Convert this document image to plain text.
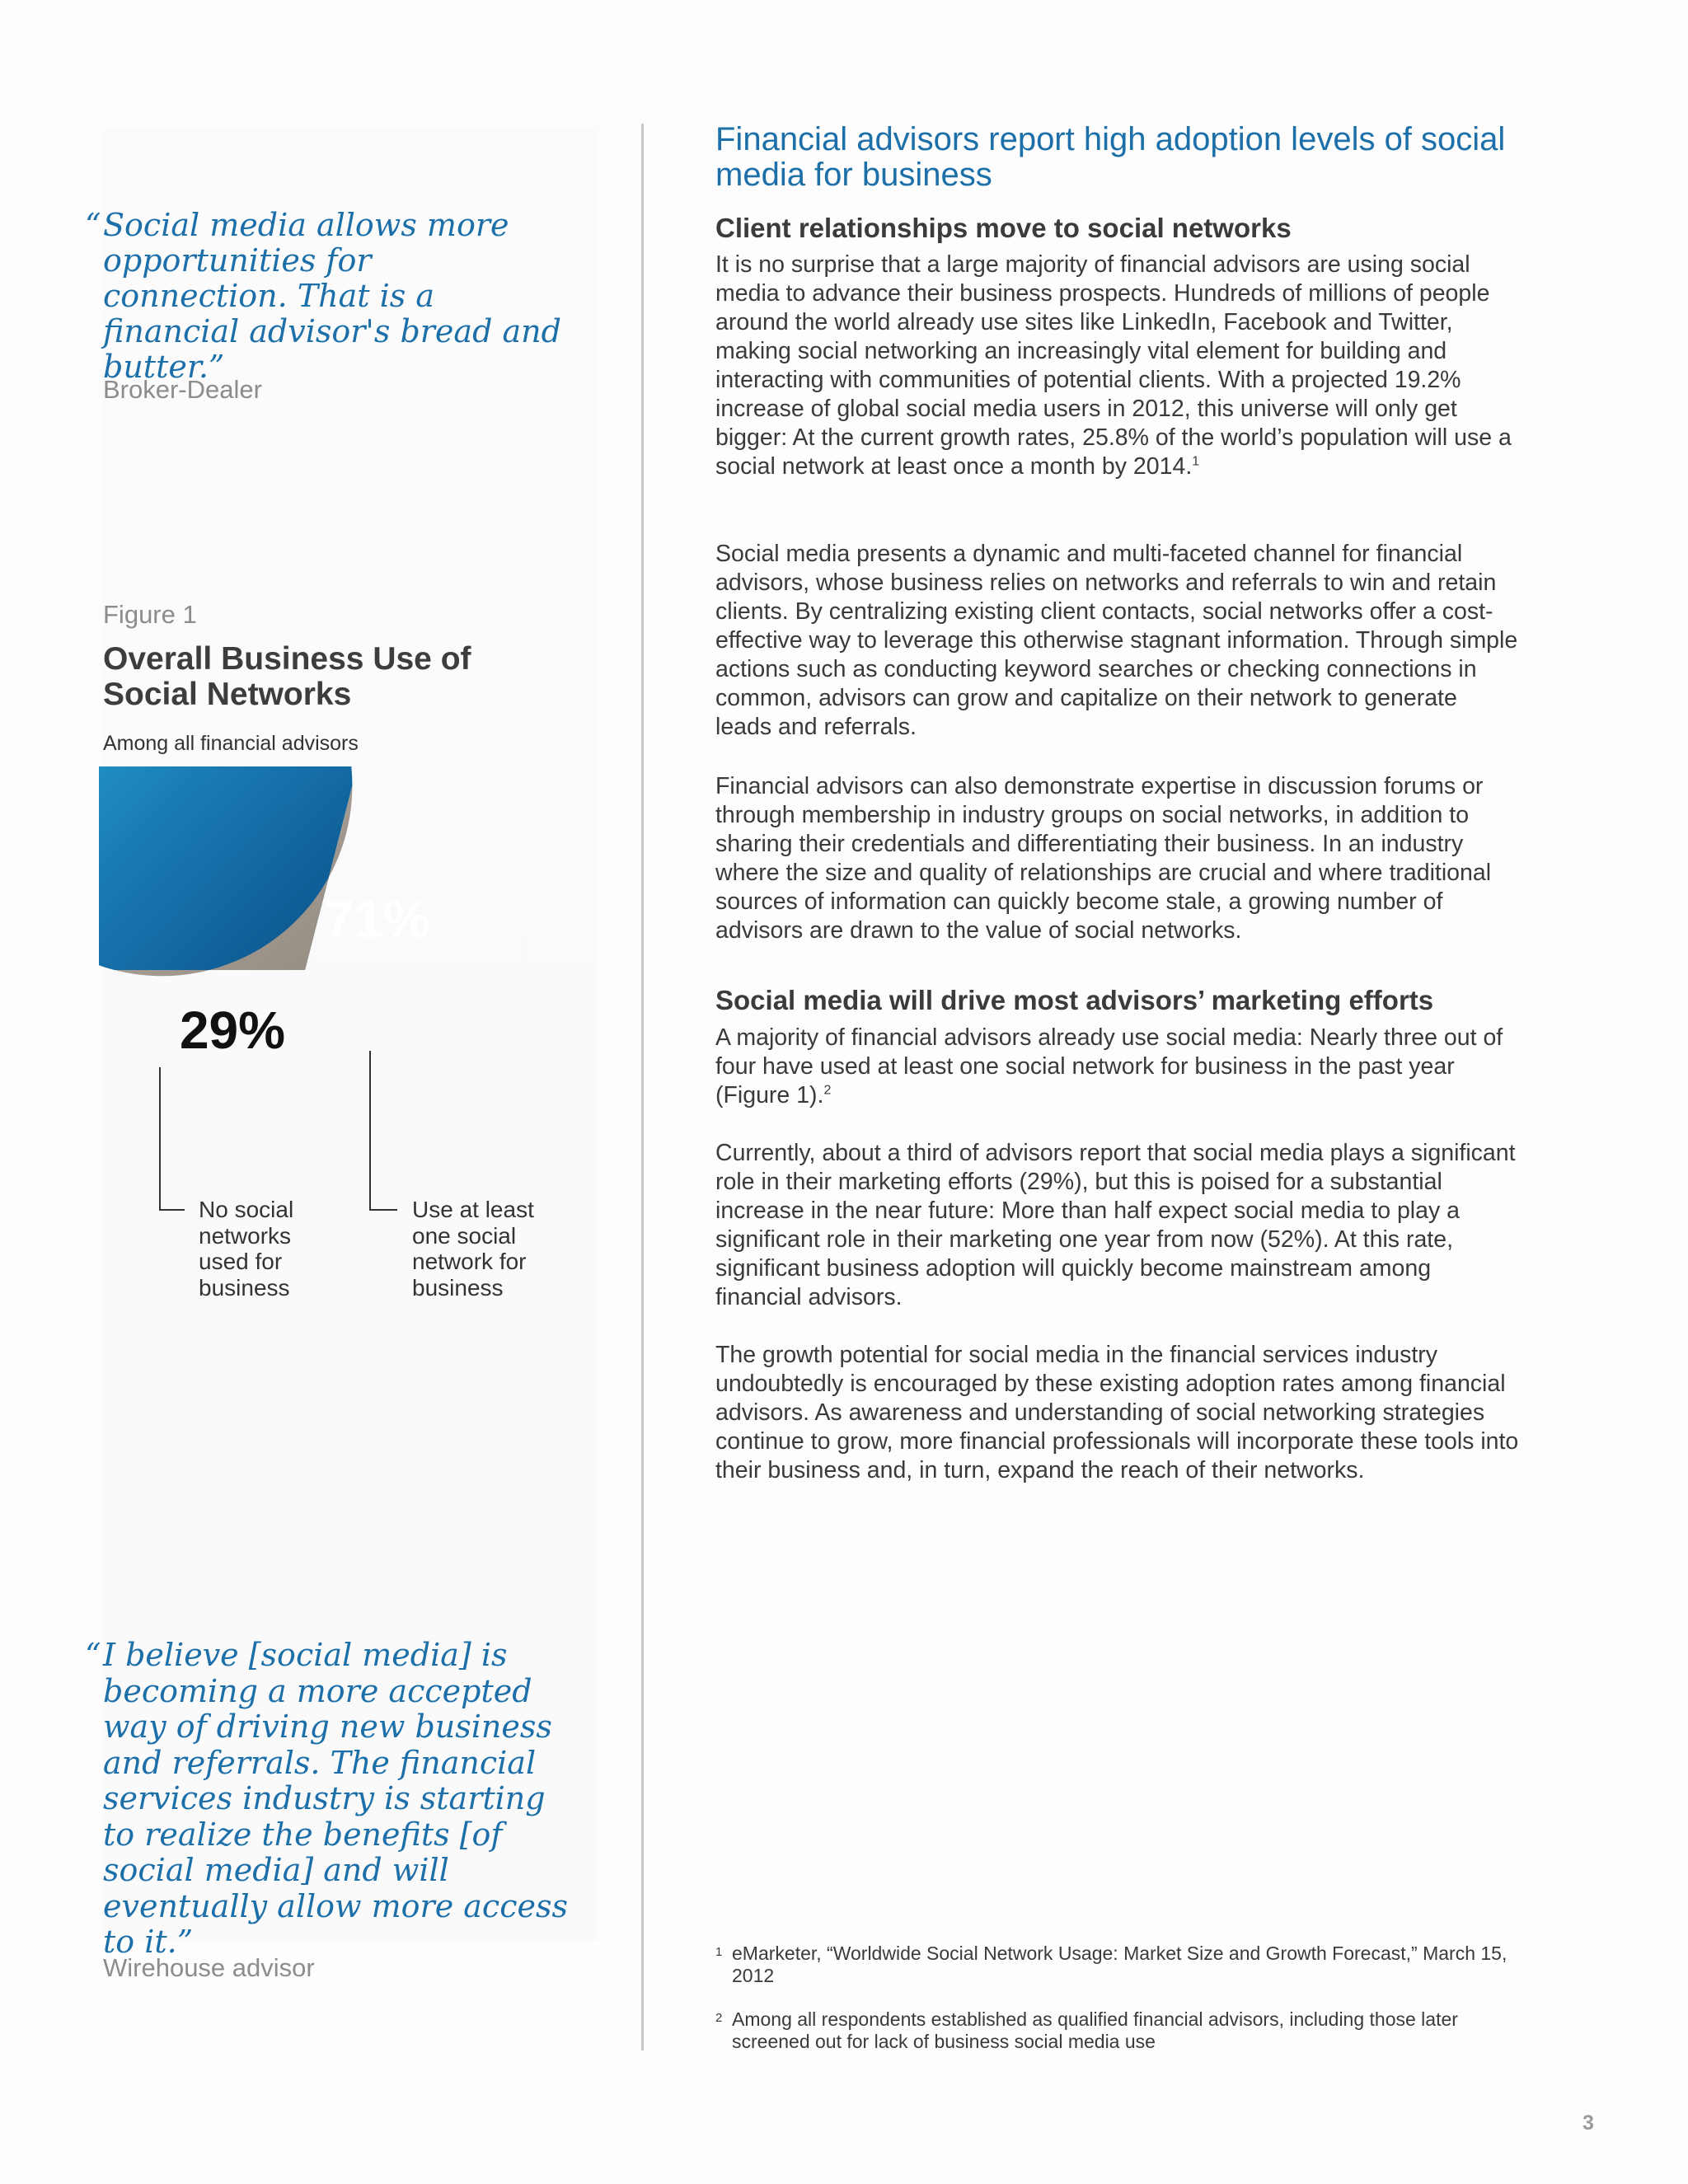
“ Social media allows more opportunities for connection. That is a financial advisor's bread and butter.”

Broker-Dealer

Figure 1
Overall Business Use of Social Networks
Among all financial advisors
71%
29%

No social networks used for business

Use at least one social network for business

“ I believe [social media] is becoming a more accepted way of driving new business and referrals. The financial services industry is starting to realize the benefits [of social media] and will eventually allow more access to it.”

Wirehouse advisor

Financial advisors report high adoption levels of social media for business
Client relationships move to social networks

It is no surprise that a large majority of financial advisors are using social media to advance their business prospects. Hundreds of millions of people around the world already use sites like LinkedIn, Facebook and Twitter, making social networking an increasingly vital element for building and interacting with communities of potential clients. With a projected 19.2% increase of global social media users in 2012, this universe will only get bigger: At the current growth rates, 25.8% of the world’s population will use a social network at least once a month by 2014.$^1$

Social media presents a dynamic and multi-faceted channel for financial advisors, whose business relies on networks and referrals to win and retain clients. By centralizing existing client contacts, social networks offer a cost-effective way to leverage this otherwise stagnant information. Through simple actions such as conducting keyword searches or checking connections in common, advisors can grow and capitalize on their network to generate leads and referrals.

Financial advisors can also demonstrate expertise in discussion forums or through membership in industry groups on social networks, in addition to sharing their credentials and differentiating their business. In an industry where the size and quality of relationships are crucial and where traditional sources of information can quickly become stale, a growing number of advisors are drawn to the value of social networks.

Social media will drive most advisors’ marketing efforts

A majority of financial advisors already use social media: Nearly three out of four have used at least one social network for business in the past year (Figure 1).$^2$

Currently, about a third of advisors report that social media plays a significant role in their marketing efforts (29%), but this is poised for a substantial increase in the near future: More than half expect social media to play a significant role in their marketing one year from now (52%). At this rate, significant business adoption will quickly become mainstream among financial advisors.

The growth potential for social media in the financial services industry undoubtedly is encouraged by these existing adoption rates among financial advisors. As awareness and understanding of social networking strategies continue to grow, more financial professionals will incorporate these tools into their business and, in turn, expand the reach of their networks.

1 eMarketer, “Worldwide Social Network Usage: Market Size and Growth Forecast,” March 15, 2012

2 Among all respondents established as qualified financial advisors, including those later screened out for lack of business social media use

3
